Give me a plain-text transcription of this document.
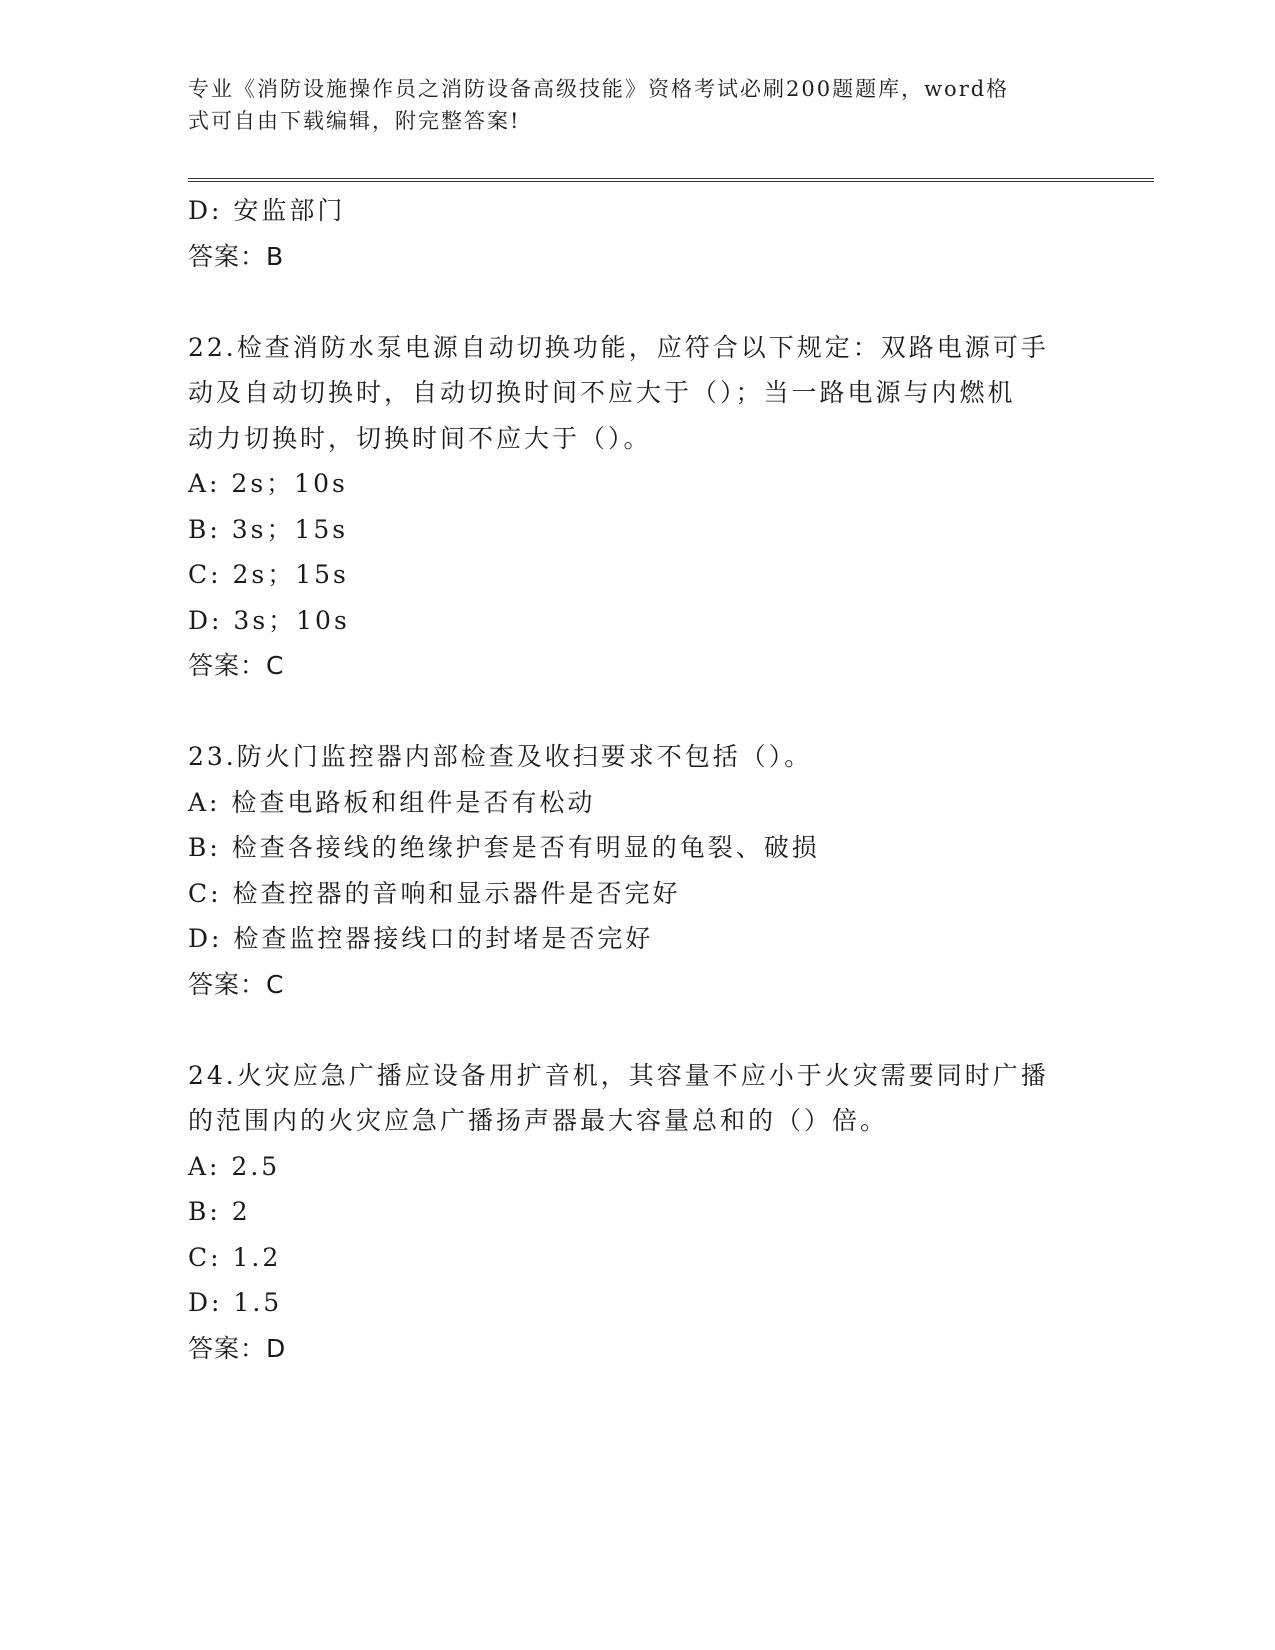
专业《消防设施操作员之消防设备高级技能》资格考试必刷200题题库，word格
式可自由下载编辑，附完整答案!
D: 安监部门
答案：B
22.检查消防水泵电源自动切换功能，应符合以下规定：双路电源可手
动及自动切换时，自动切换时间不应大于（）；当一路电源与内燃机
动力切换时，切换时间不应大于（）。
A: 2s；10s
B: 3s；15s
C: 2s；15s
D: 3s；10s
答案：C
23.防火门监控器内部检查及收扫要求不包括（）。
A: 检查电路板和组件是否有松动
B: 检查各接线的绝缘护套是否有明显的龟裂、破损
C: 检查控器的音响和显示器件是否完好
D: 检查监控器接线口的封堵是否完好
答案：C
24.火灾应急广播应设备用扩音机，其容量不应小于火灾需要同时广播
的范围内的火灾应急广播扬声器最大容量总和的（）倍。
A: 2.5
B: 2
C: 1.2
D: 1.5
答案：D
